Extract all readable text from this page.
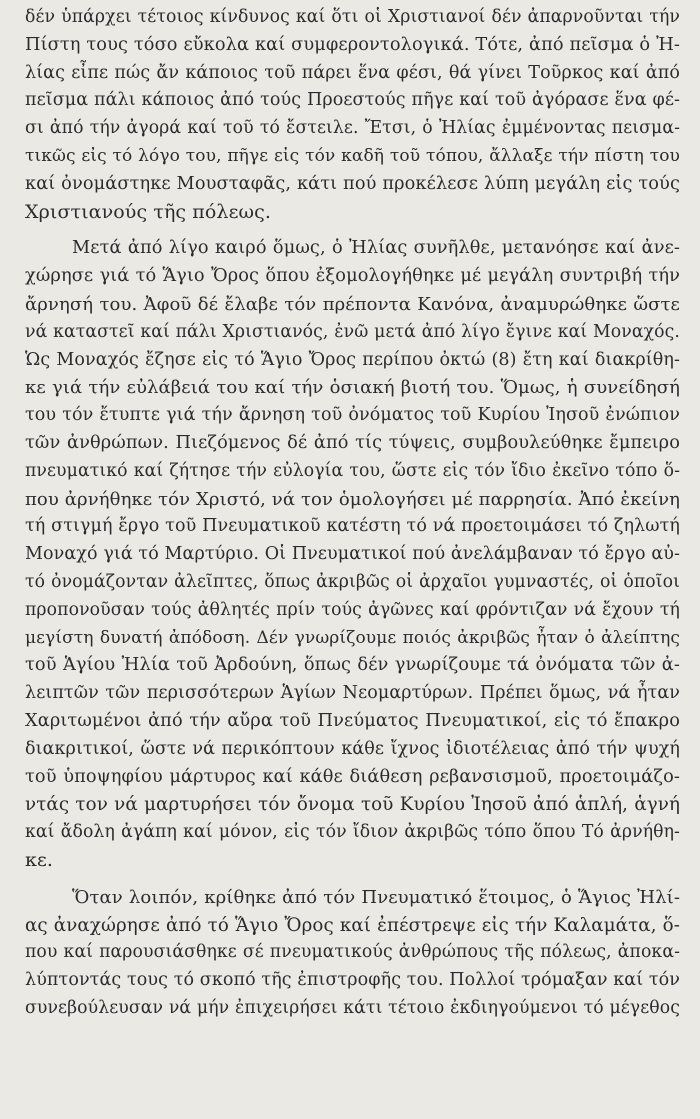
δέν ὑπάρχει τέτοιος κίνδυνος καί ὅτι οἱ Χριστιανοί δέν ἀπαρνοῦνται τήν
Πίστη τους τόσο εὔκολα καί συμφεροντολογικά. Τότε, ἀπό πεῖσμα ὁ Ἠ-
λίας εἶπε πώς ἄν κάποιος τοῦ πάρει ἕνα φέσι, θά γίνει Τοῦρκος καί ἀπό
πεῖσμα πάλι κάποιος ἀπό τούς Προεστούς πῆγε καί τοῦ ἀγόρασε ἕνα φέ-
σι ἀπό τήν ἀγορά καί τοῦ τό ἔστειλε. Ἔτσι, ὁ Ἠλίας ἐμμένοντας πεισμα-
τικῶς εἰς τό λόγο του, πῆγε εἰς τόν καδῆ τοῦ τόπου, ἄλλαξε τήν πίστη του
καί ὀνομάστηκε Μουσταφᾶς, κάτι πού προκέλεσε λύπη μεγάλη εἰς τούς
Χριστιανούς τῆς πόλεως.
Μετά ἀπό λίγο καιρό ὅμως, ὁ Ἠλίας συνῆλθε, μετανόησε καί ἀνε-
χώρησε γιά τό Ἅγιο Ὄρος ὅπου ἐξομολογήθηκε μέ μεγάλη συντριβή τήν
ἄρνησή του. Ἀφοῦ δέ ἔλαβε τόν πρέποντα Κανόνα, ἀναμυρώθηκε ὥστε
νά καταστεῖ καί πάλι Χριστιανός, ἐνῶ μετά ἀπό λίγο ἔγινε καί Μοναχός.
Ὡς Μοναχός ἔζησε εἰς τό Ἅγιο Ὄρος περίπου ὀκτώ (8) ἔτη καί διακρίθη-
κε γιά τήν εὐλάβειά του καί τήν ὁσιακή βιοτή του. Ὅμως, ἡ συνείδησή
του τόν ἔτυπτε γιά τήν ἄρνηση τοῦ ὀνόματος τοῦ Κυρίου Ἰησοῦ ἐνώπιον
τῶν ἀνθρώπων. Πιεζόμενος δέ ἀπό τίς τύψεις, συμβουλεύθηκε ἔμπειρο
πνευματικό καί ζήτησε τήν εὐλογία του, ὥστε εἰς τόν ἴδιο ἐκεῖνο τόπο ὅ-
που ἀρνήθηκε τόν Χριστό, νά τον ὁμολογήσει μέ παρρησία. Ἀπό ἐκείνη
τή στιγμή ἔργο τοῦ Πνευματικοῦ κατέστη τό νά προετοιμάσει τό ζηλωτή
Μοναχό γιά τό Μαρτύριο. Οἱ Πνευματικοί πού ἀνελάμβαναν τό ἔργο αὐ-
τό ὀνομάζονταν ἀλεῖπτες, ὅπως ἀκριβῶς οἱ ἀρχαῖοι γυμναστές, οἱ ὁποῖοι
προπονοῦσαν τούς ἀθλητές πρίν τούς ἀγῶνες καί φρόντιζαν νά ἔχουν τή
μεγίστη δυνατή ἀπόδοση. Δέν γνωρίζουμε ποιός ἀκριβῶς ἦταν ὁ ἀλείπτης
τοῦ Ἁγίου Ἠλία τοῦ Ἀρδούνη, ὅπως δέν γνωρίζουμε τά ὀνόματα τῶν ἀ-
λειπτῶν τῶν περισσότερων Ἁγίων Νεομαρτύρων. Πρέπει ὅμως, νά ἦταν
Χαριτωμένοι ἀπό τήν αὔρα τοῦ Πνεύματος Πνευματικοί, εἰς τό ἔπακρο
διακριτικοί, ὥστε νά περικόπτουν κάθε ἴχνος ἰδιοτέλειας ἀπό τήν ψυχή
τοῦ ὑποψηφίου μάρτυρος καί κάθε διάθεση ρεβανσισμοῦ, προετοιμάζο-
ντάς τον νά μαρτυρήσει τόν ὄνομα τοῦ Κυρίου Ἰησοῦ ἀπό ἁπλή, ἁγνή
καί ἄδολη ἀγάπη καί μόνον, εἰς τόν ἴδιον ἀκριβῶς τόπο ὅπου Τό ἀρνήθη-
κε.
Ὅταν λοιπόν, κρίθηκε ἀπό τόν Πνευματικό ἕτοιμος, ὁ Ἅγιος Ἠλί-
ας ἀναχώρησε ἀπό τό Ἅγιο Ὄρος καί ἐπέστρεψε εἰς τήν Καλαμάτα, ὅ-
που καί παρουσιάσθηκε σέ πνευματικούς ἀνθρώπους τῆς πόλεως, ἀποκα-
λύπτοντάς τους τό σκοπό τῆς ἐπιστροφῆς του. Πολλοί τρόμαξαν καί τόν
συνεβούλευσαν νά μήν ἐπιχειρήσει κάτι τέτοιο ἐκδιηγούμενοι τό μέγεθος
